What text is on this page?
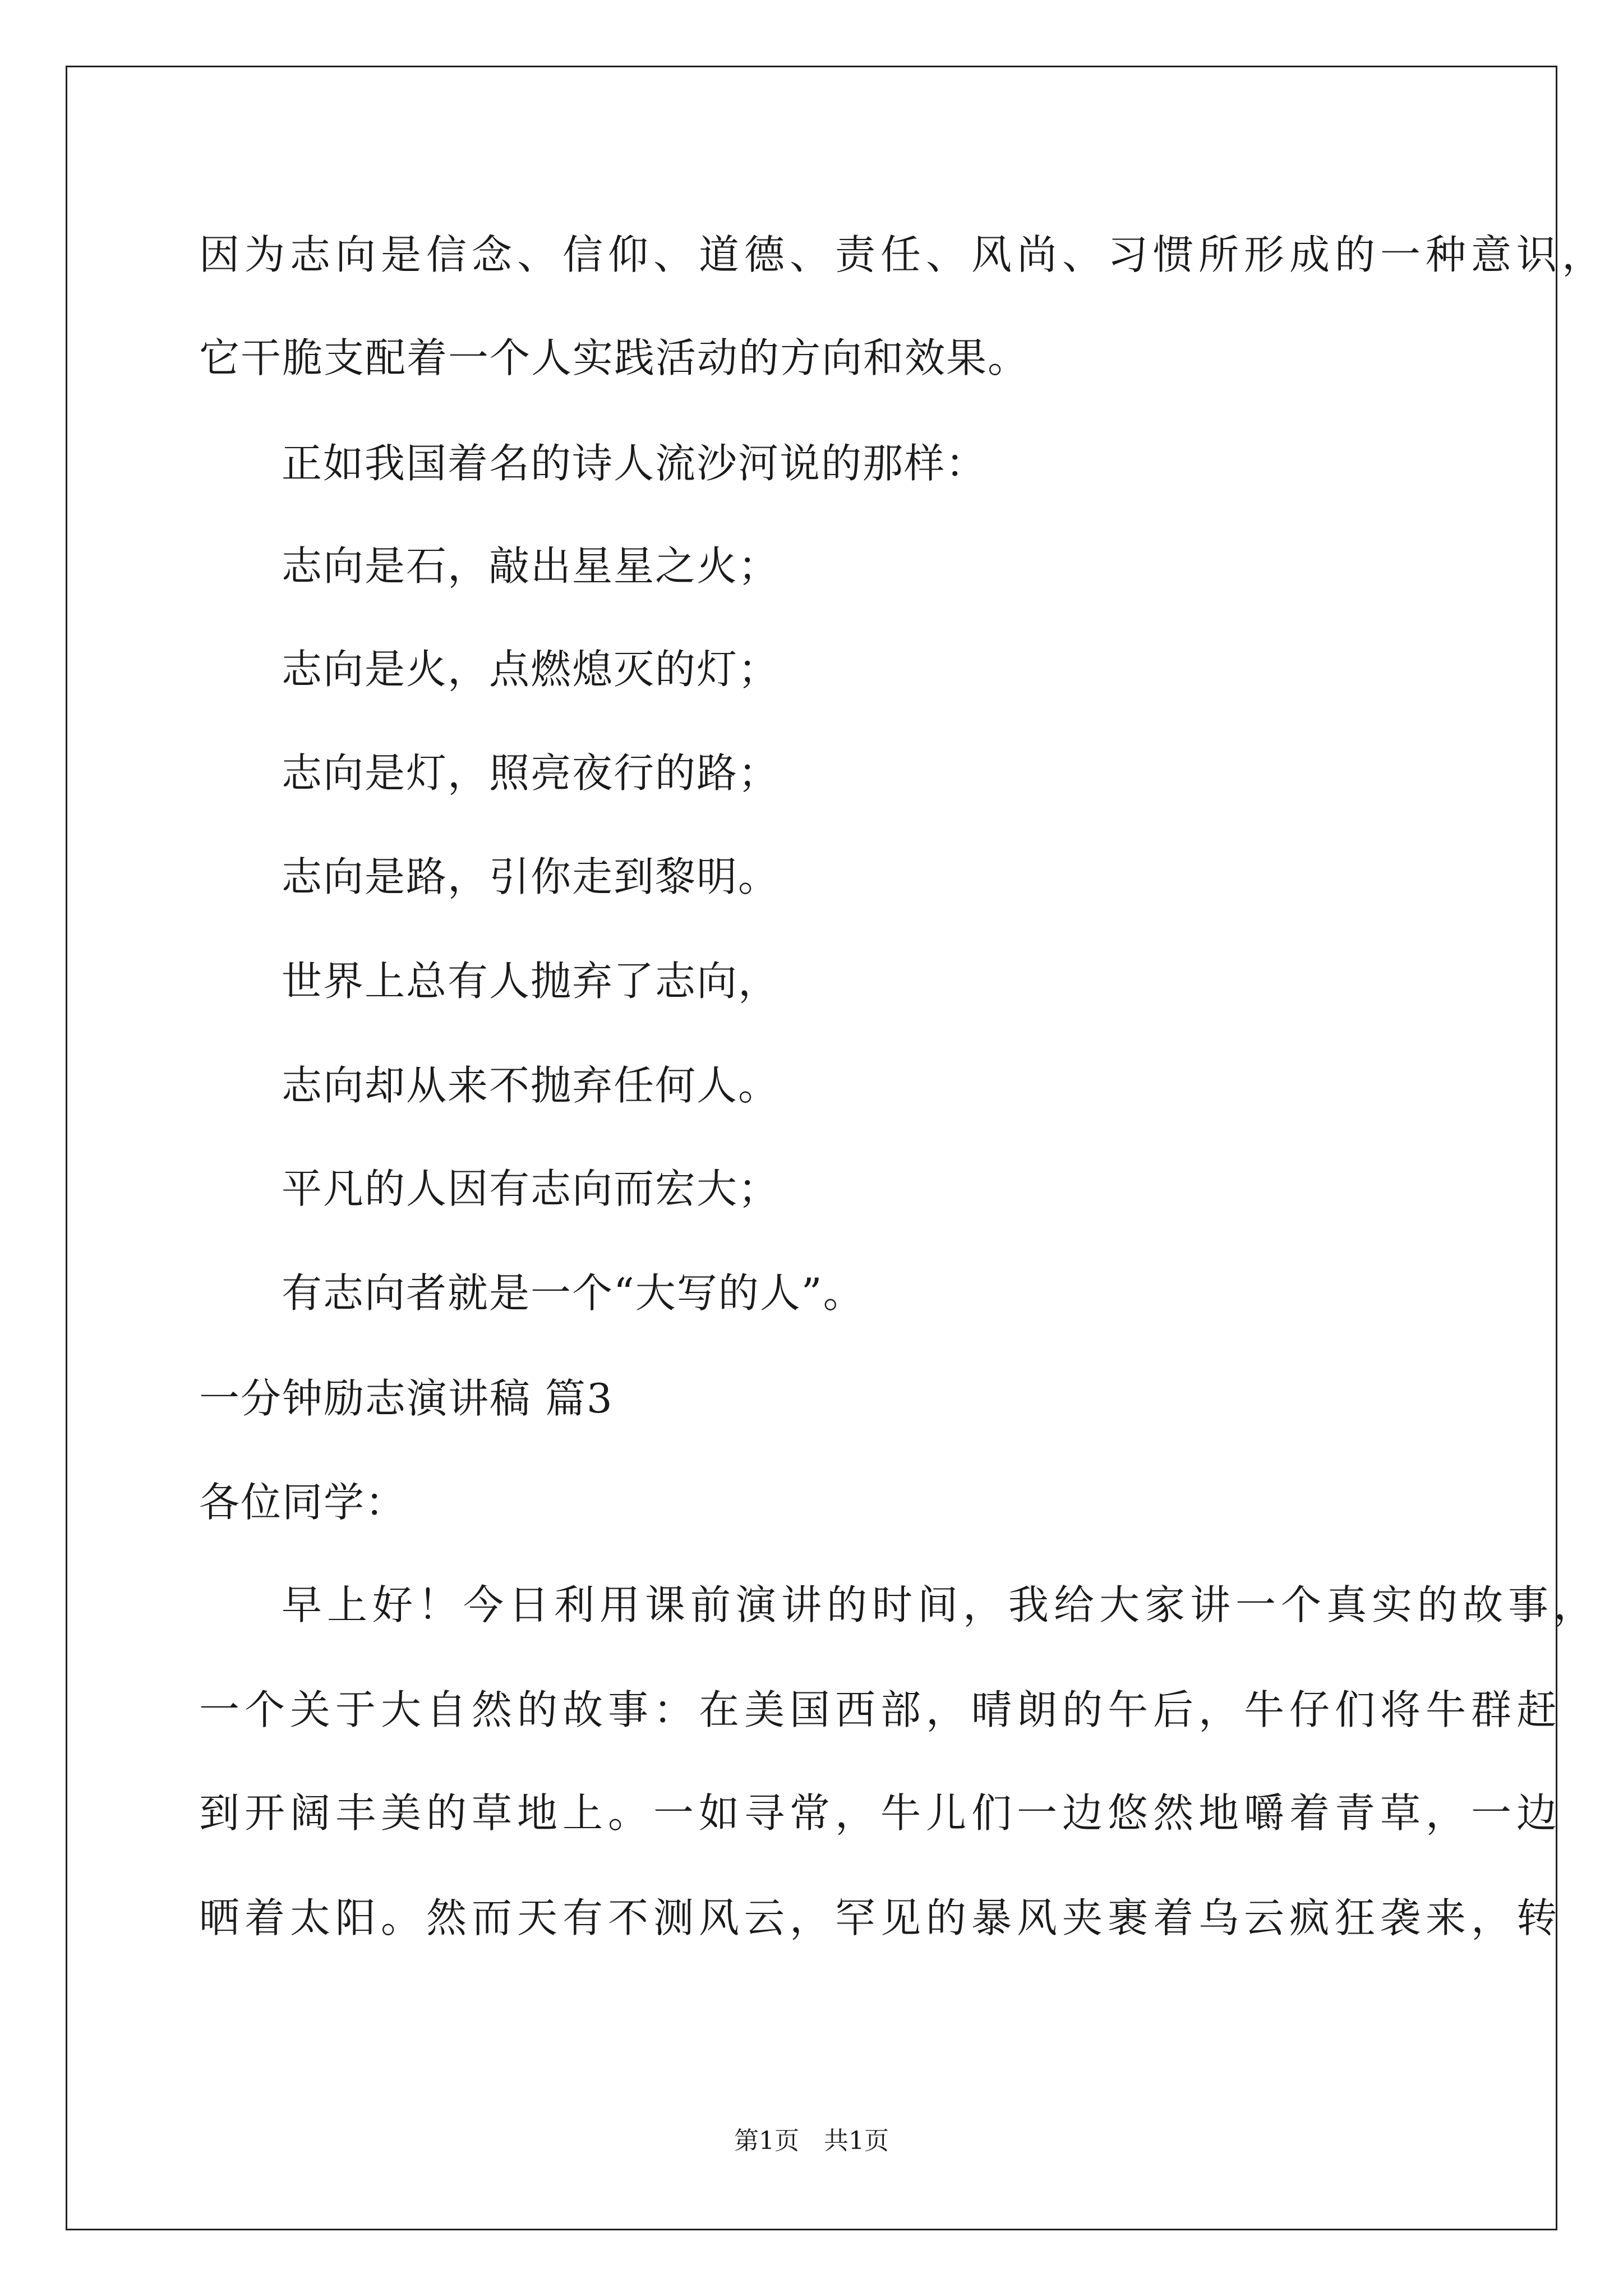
因为志向是信念、信仰、道德、责任、风尚、习惯所形成的一种意识，
它干脆支配着一个人实践活动的方向和效果。
正如我国着名的诗人流沙河说的那样：
志向是石，敲出星星之火；
志向是火，点燃熄灭的灯；
志向是灯，照亮夜行的路；
志向是路，引你走到黎明。
世界上总有人抛弃了志向，
志向却从来不抛弃任何人。
平凡的人因有志向而宏大；
有志向者就是一个“大写的人”。
一分钟励志演讲稿 篇3
各位同学：
早上好！今日利用课前演讲的时间，我给大家讲一个真实的故事，
一个关于大自然的故事：在美国西部，晴朗的午后，牛仔们将牛群赶
到开阔丰美的草地上。一如寻常，牛儿们一边悠然地嚼着青草，一边
晒着太阳。然而天有不测风云，罕见的暴风夹裹着乌云疯狂袭来，转
第1页　共1页
